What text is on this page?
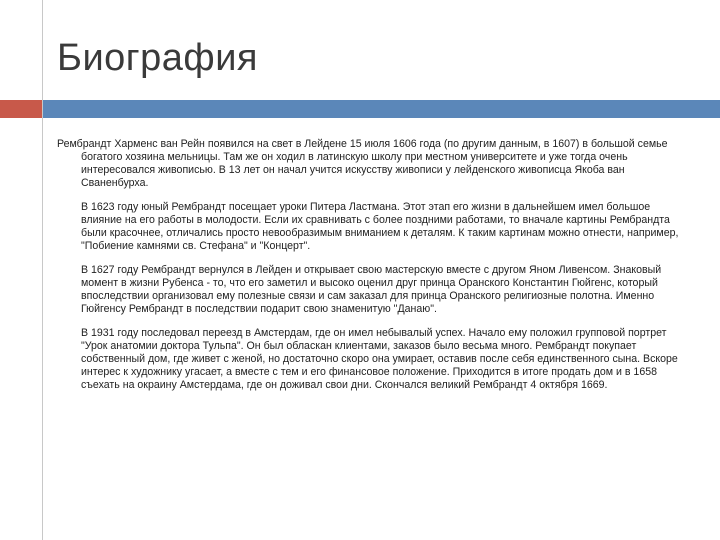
Биография

Рембрандт Харменс ван Рейн появился на свет в Лейдене 15 июля 1606 года (по другим данным, в 1607) в большой семье богатого хозяина мельницы. Там же он ходил в латинскую школу при местном университете и уже тогда очень интересовался живописью. В 13 лет он начал учится искусству живописи у лейденского живописца Якоба ван Сваненбурха.

В 1623 году юный Рембрандт посещает уроки Питера Ластмана. Этот этап его жизни в дальнейшем имел большое влияние на его работы в молодости. Если их сравнивать с более поздними работами, то вначале картины Рембрандта были красочнее, отличались просто невообразимым вниманием к деталям. К таким картинам можно отнести, например, "Побиение камнями св. Стефана" и "Концерт".

В 1627 году Рембрандт вернулся в Лейден и открывает свою мастерскую вместе с другом Яном Ливенсом. Знаковый момент в жизни Рубенса - то, что его заметил и высоко оценил друг принца Оранского Константин Гюйгенс, который впоследствии организовал ему полезные связи и сам заказал для принца Оранского религиозные полотна. Именно Гюйгенсу Рембрандт в последствии подарит свою знаменитую "Данаю".

В 1931 году последовал переезд в Амстердам, где он имел небывалый успех. Начало ему положил групповой портрет "Урок анатомии доктора Тульпа". Он был обласкан клиентами, заказов было весьма много. Рембрандт покупает собственный дом, где живет с женой, но достаточно скоро она умирает, оставив после себя единственного сына. Вскоре интерес к художнику угасает, а вместе с тем и его финансовое положение. Приходится в итоге продать дом и в 1658 съехать на окраину Амстердама, где он доживал свои дни. Скончался великий Рембрандт 4 октября 1669.
